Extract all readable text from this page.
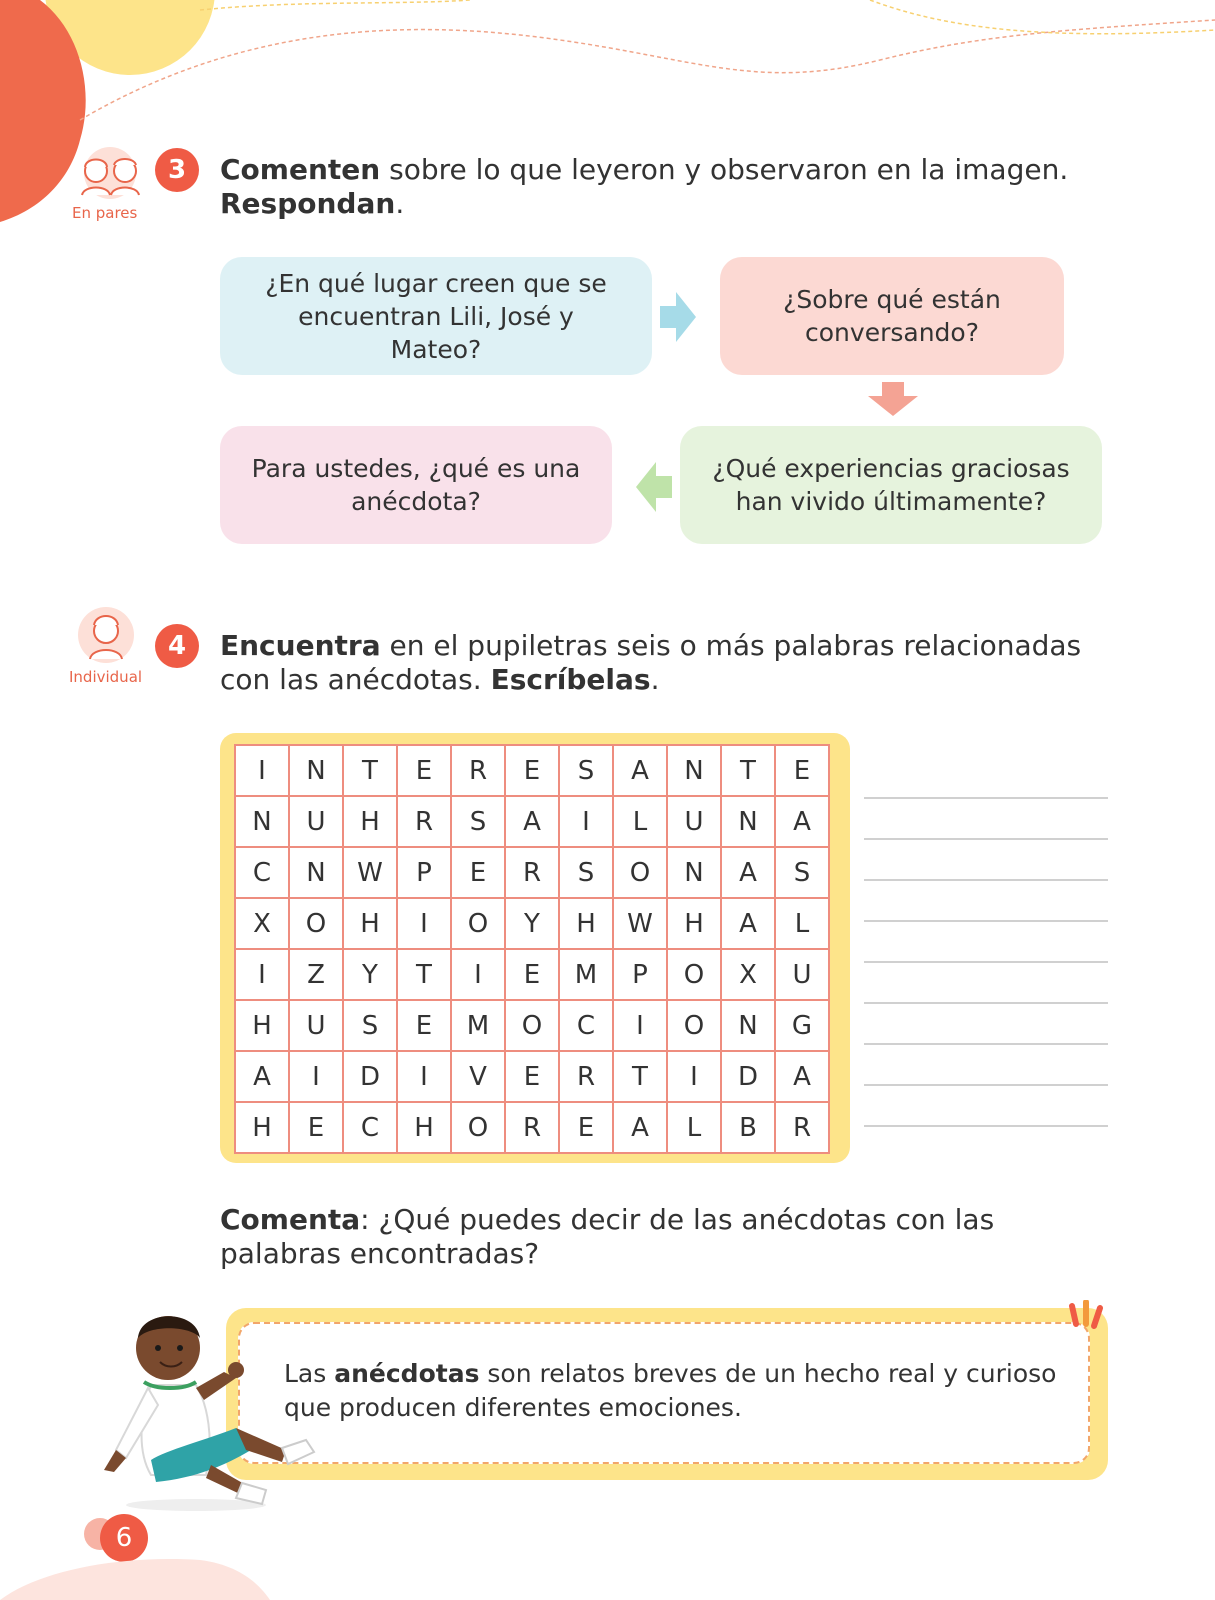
En pares
3	Comenten sobre lo que leyeron y observaron en la imagen.
Respondan.
¿En qué lugar creen que se encuentran Lili, José y Mateo?
¿Sobre qué están conversando?
¿Qué experiencias graciosas han vivido últimamente?
Para ustedes, ¿qué es una anécdota?
Individual
4	Encuentra en el pupiletras seis o más palabras relacionadas con las anécdotas. Escríbelas.
I	N	T	E	R	E	S	A	N	T	E
N	U	H	R	S	A	I	L	U	N	A
C	N	W	P	E	R	S	O	N	A	S
X	O	H	I	O	Y	H	W	H	A	L
I	Z	Y	T	I	E	M	P	O	X	U
H	U	S	E	M	O	C	I	O	N	G
A	I	D	I	V	E	R	T	I	D	A
H	E	C	H	O	R	E	A	L	B	R
Comenta: ¿Qué puedes decir de las anécdotas con las palabras encontradas?
Las anécdotas son relatos breves de un hecho real y curioso que producen diferentes emociones.
6
